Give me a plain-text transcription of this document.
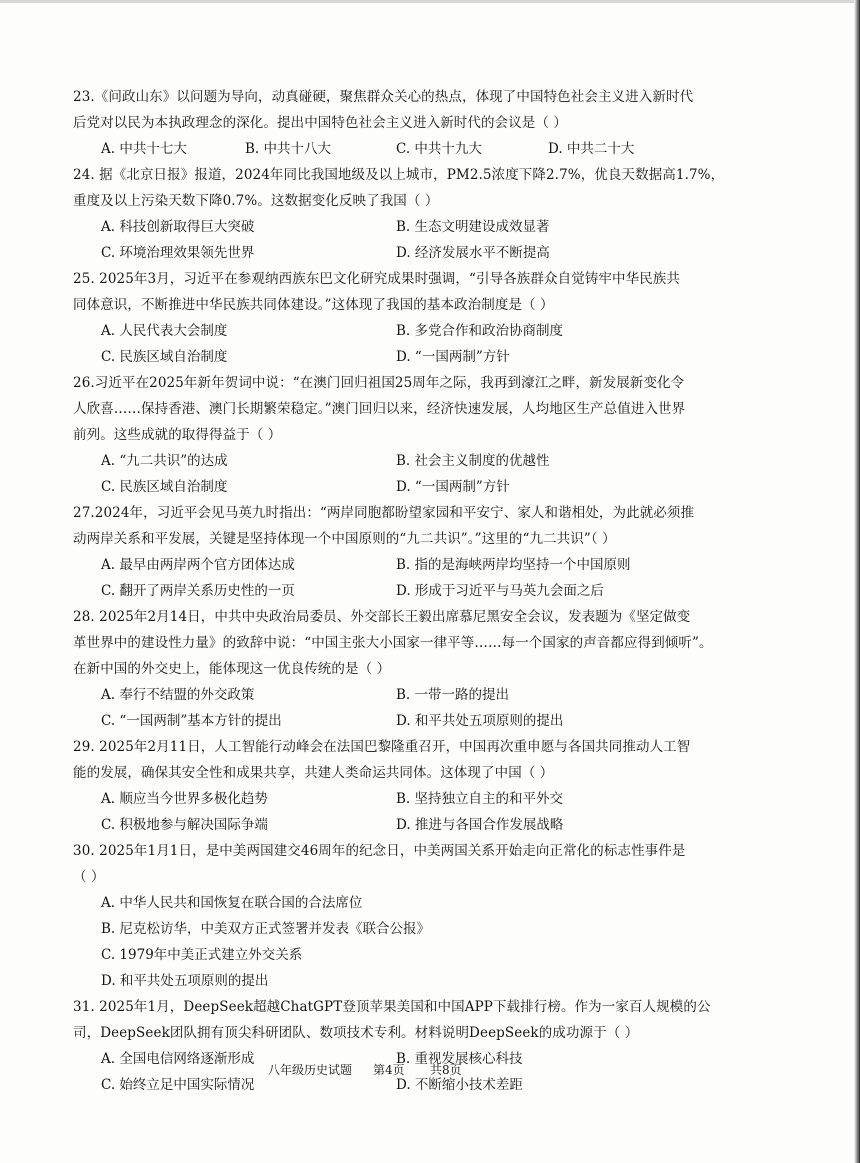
23.《问政山东》以问题为导向，动真碰硬，聚焦群众关心的热点，体现了中国特色社会主义进入新时代
后党对以民为本执政理念的深化。提出中国特色社会主义进入新时代的会议是（ ）
A. 中共十七大	B. 中共十八大	C. 中共十九大	D. 中共二十大
24. 据《北京日报》报道，2024年同比我国地级及以上城市，PM2.5浓度下降2.7%，优良天数据高1.7%，
重度及以上污染天数下降0.7%。这数据变化反映了我国（ ）
A. 科技创新取得巨大突破	B. 生态文明建设成效显著
C. 环境治理效果领先世界	D. 经济发展水平不断提高
25. 2025年3月，习近平在参观纳西族东巴文化研究成果时强调，“引导各族群众自觉铸牢中华民族共
同体意识，不断推进中华民族共同体建设。”这体现了我国的基本政治制度是（ ）
A. 人民代表大会制度	B. 多党合作和政治协商制度
C. 民族区域自治制度	D. “一国两制”方针
26.习近平在2025年新年贺词中说：“在澳门回归祖国25周年之际，我再到濠江之畔，新发展新变化令
人欣喜……保持香港、澳门长期繁荣稳定。”澳门回归以来，经济快速发展，人均地区生产总值进入世界
前列。这些成就的取得得益于（ ）
A. “九二共识”的达成	B. 社会主义制度的优越性
C. 民族区域自治制度	D. “一国两制”方针
27.2024年，习近平会见马英九时指出：“两岸同胞都盼望家园和平安宁、家人和谐相处，为此就必须推
动两岸关系和平发展，关键是坚持体现一个中国原则的“九二共识”。”这里的“九二共识”（ ）
A. 最早由两岸两个官方团体达成	B. 指的是海峡两岸均坚持一个中国原则
C. 翻开了两岸关系历史性的一页	D. 形成于习近平与马英九会面之后
28. 2025年2月14日，中共中央政治局委员、外交部长王毅出席慕尼黑安全会议，发表题为《坚定做变
革世界中的建设性力量》的致辞中说：“中国主张大小国家一律平等……每一个国家的声音都应得到倾听”。
在新中国的外交史上，能体现这一优良传统的是（ ）
A. 奉行不结盟的外交政策	B. 一带一路的提出
C. “一国两制”基本方针的提出	D. 和平共处五项原则的提出
29. 2025年2月11日，人工智能行动峰会在法国巴黎隆重召开，中国再次重申愿与各国共同推动人工智
能的发展，确保其安全性和成果共享，共建人类命运共同体。这体现了中国（ ）
A. 顺应当今世界多极化趋势	B. 坚持独立自主的和平外交
C. 积极地参与解决国际争端	D. 推进与各国合作发展战略
30. 2025年1月1日，是中美两国建交46周年的纪念日，中美两国关系开始走向正常化的标志性事件是
（ ）
A. 中华人民共和国恢复在联合国的合法席位
B. 尼克松访华，中美双方正式签署并发表《联合公报》
C. 1979年中美正式建立外交关系
D. 和平共处五项原则的提出
31. 2025年1月，DeepSeek超越ChatGPT登顶苹果美国和中国APP下载排行榜。作为一家百人规模的公
司，DeepSeek团队拥有顶尖科研团队、数项技术专利。材料说明DeepSeek的成功源于（ ）
A. 全国电信网络逐渐形成	B. 重视发展核心科技
C. 始终立足中国实际情况	D. 不断缩小技术差距
八年级历史试题 第4页 共8页
